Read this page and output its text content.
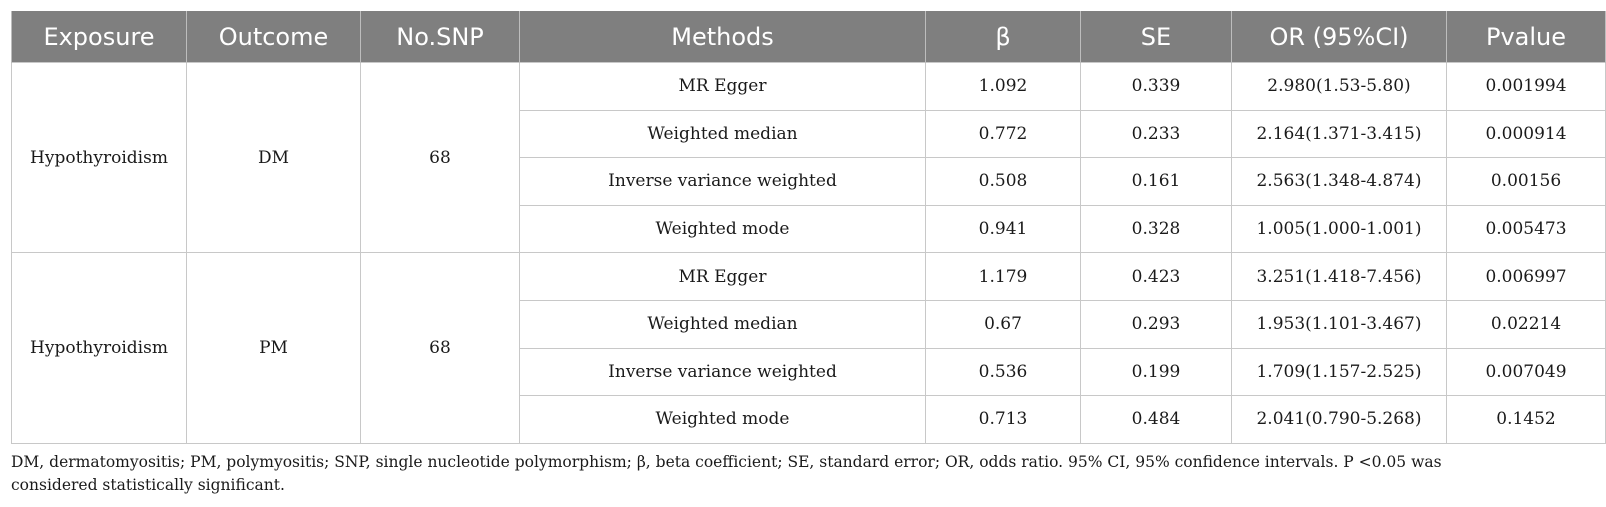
Exposure	Outcome	No.SNP	Methods	β	SE	OR (95%CI)	Pvalue
Hypothyroidism	DM	68	MR Egger	1.092	0.339	2.980(1.53-5.80)	0.001994
			Weighted median	0.772	0.233	2.164(1.371-3.415)	0.000914
			Inverse variance weighted	0.508	0.161	2.563(1.348-4.874)	0.00156
			Weighted mode	0.941	0.328	1.005(1.000-1.001)	0.005473
Hypothyroidism	PM	68	MR Egger	1.179	0.423	3.251(1.418-7.456)	0.006997
			Weighted median	0.67	0.293	1.953(1.101-3.467)	0.02214
			Inverse variance weighted	0.536	0.199	1.709(1.157-2.525)	0.007049
			Weighted mode	0.713	0.484	2.041(0.790-5.268)	0.1452
DM, dermatomyositis; PM, polymyositis; SNP, single nucleotide polymorphism; β, beta coefficient; SE, standard error; OR, odds ratio. 95% CI, 95% confidence intervals. P <0.05 was considered statistically significant.
